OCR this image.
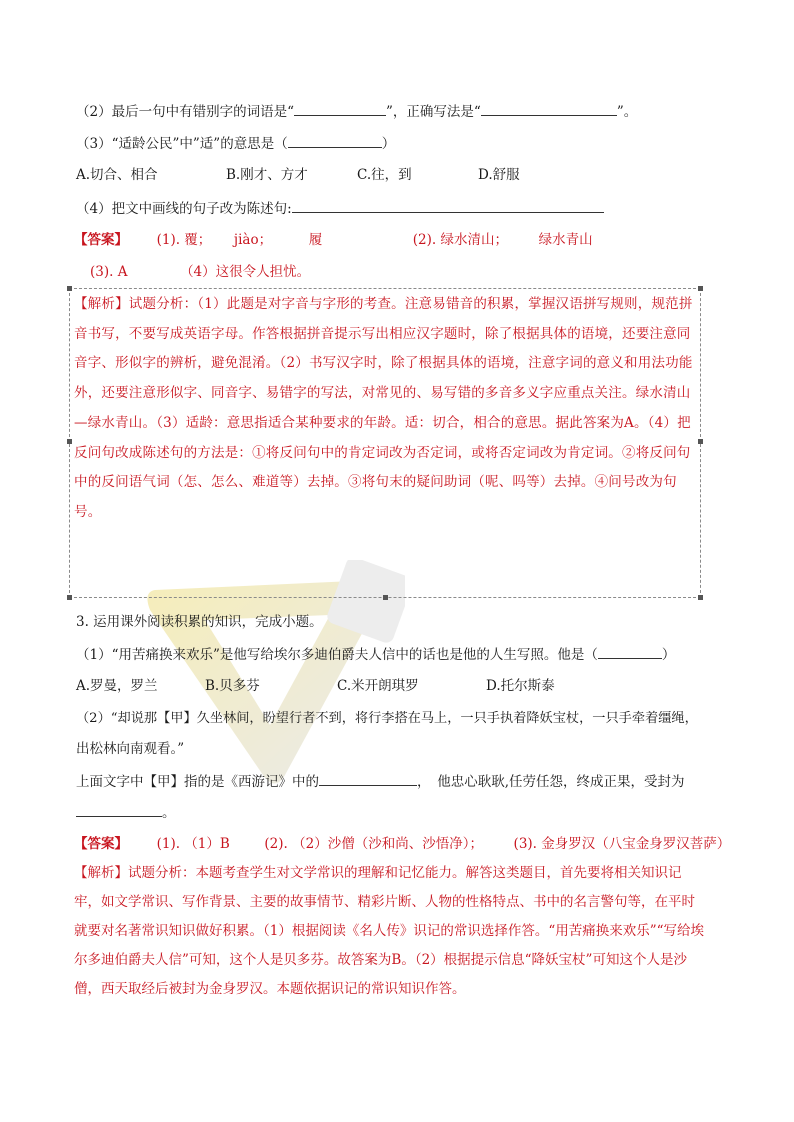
（2）最后一句中有错别字的词语是“	”，正确写法是“	”。
（3）“适龄公民”中”适”的意思是（	）
A.切合、相合	B.刚才、方才	C.往，到	D.舒服
（4）把文中画线的句子改为陈述句:
【答案】 (1). 覆； jiào；	履	(2). 绿水清山； 绿水青山
(3). A	（4）这很令人担忧。
【解析】试题分析：（1）此题是对字音与字形的考查。注意易错音的积累，掌握汉语拼写规则，规范拼音书写，不要写成英语字母。作答根据拼音提示写出相应汉字题时，除了根据具体的语境，还要注意同音字、形似字的辨析，避免混淆。（2）书写汉字时，除了根据具体的语境，注意字词的意义和用法功能外，还要注意形似字、同音字、易错字的写法，对常见的、易写错的多音多义字应重点关注。绿水清山—绿水青山。（3）适龄：意思指适合某种要求的年龄。适：切合，相合的意思。据此答案为A。（4）把反问句改成陈述句的方法是：①将反问句中的肯定词改为否定词，或将否定词改为肯定词。②将反问句中的反问语气词（怎、怎么、难道等）去掉。③将句末的疑问助词（呢、吗等）去掉。④问号改为句号。
3. 运用课外阅读积累的知识，完成小题。
（1）“用苦痛换来欢乐”是他写给埃尔多迪伯爵夫人信中的话也是他的人生写照。他是（	）
A.罗曼，罗兰	B.贝多芬	C.米开朗琪罗	D.托尔斯泰
（2）“却说那【甲】久坐林间，盼望行者不到，将行李搭在马上，一只手执着降妖宝杖，一只手牵着缰绳，
出松林向南观看。”
上面文字中【甲】指的是《西游记》中的	，　他忠心耿耿,任劳任怨，终成正果，受封为
。
【答案】 (1). （1）B	(2). （2）沙僧（沙和尚、沙悟净）； (3). 金身罗汉（八宝金身罗汉菩萨）
【解析】试题分析：本题考查学生对文学常识的理解和记忆能力。解答这类题目，首先要将相关知识记牢，如文学常识、写作背景、主要的故事情节、精彩片断、人物的性格特点、书中的名言警句等，在平时就要对名著常识知识做好积累。（1）根据阅读《名人传》识记的常识选择作答。“用苦痛换来欢乐”“写给埃尔多迪伯爵夫人信”可知，这个人是贝多芬。故答案为B。（2）根据提示信息“降妖宝杖”可知这个人是沙僧，西天取经后被封为金身罗汉。本题依据识记的常识知识作答。
